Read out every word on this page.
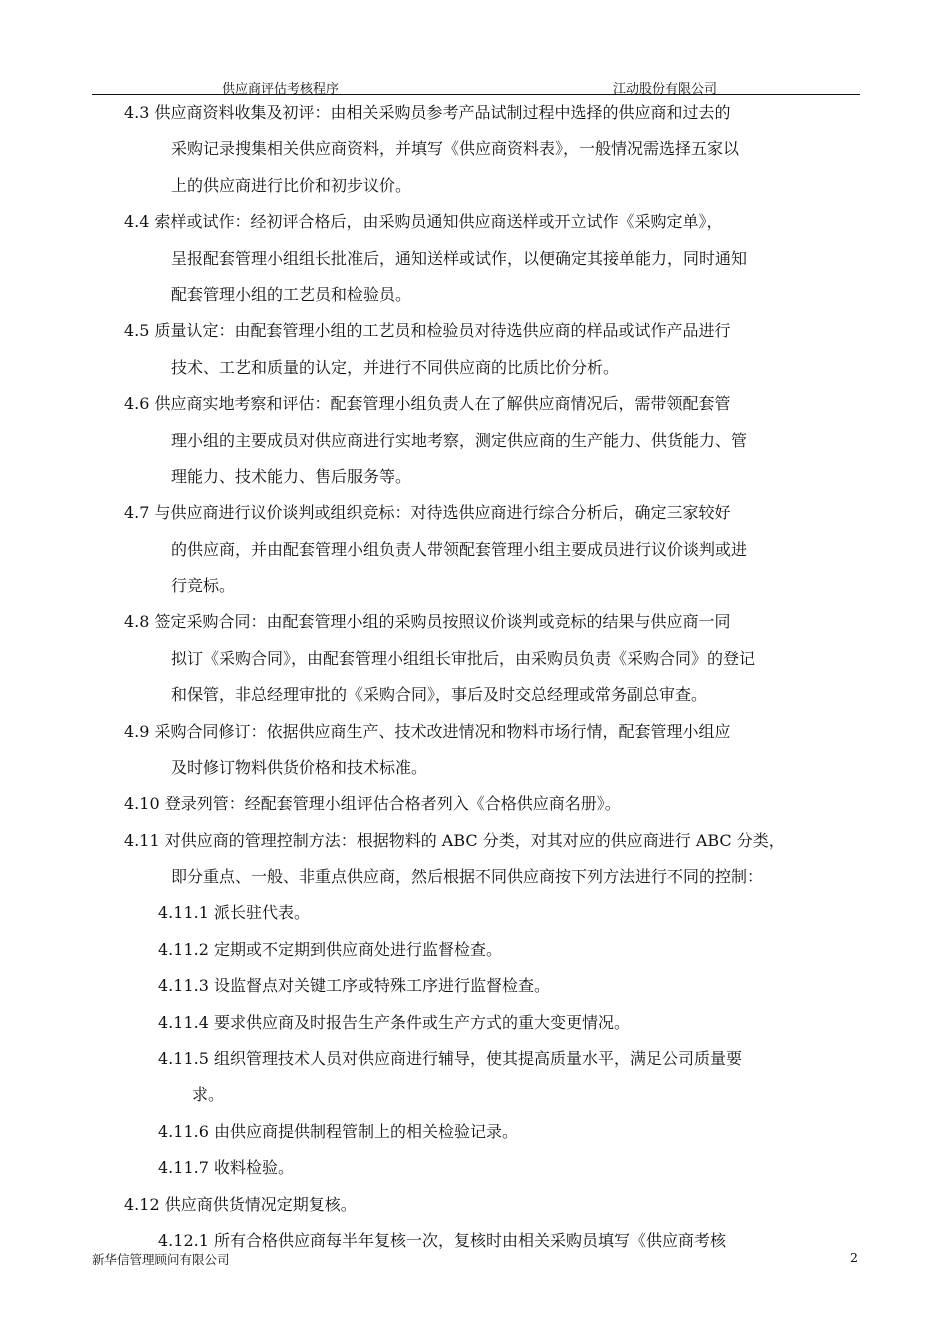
供应商评估考核程序	江动股份有限公司
4.3 供应商资料收集及初评：由相关采购员参考产品试制过程中选择的供应商和过去的
采购记录搜集相关供应商资料，并填写《供应商资料表》，一般情况需选择五家以
上的供应商进行比价和初步议价。
4.4 索样或试作：经初评合格后，由采购员通知供应商送样或开立试作《采购定单》，
呈报配套管理小组组长批准后，通知送样或试作，以便确定其接单能力，同时通知
配套管理小组的工艺员和检验员。
4.5 质量认定：由配套管理小组的工艺员和检验员对待选供应商的样品或试作产品进行
技术、工艺和质量的认定，并进行不同供应商的比质比价分析。
4.6 供应商实地考察和评估：配套管理小组负责人在了解供应商情况后，需带领配套管
理小组的主要成员对供应商进行实地考察，测定供应商的生产能力、供货能力、管
理能力、技术能力、售后服务等。
4.7 与供应商进行议价谈判或组织竞标：对待选供应商进行综合分析后，确定三家较好
的供应商，并由配套管理小组负责人带领配套管理小组主要成员进行议价谈判或进
行竞标。
4.8 签定采购合同：由配套管理小组的采购员按照议价谈判或竞标的结果与供应商一同
拟订《采购合同》，由配套管理小组组长审批后，由采购员负责《采购合同》的登记
和保管，非总经理审批的《采购合同》，事后及时交总经理或常务副总审查。
4.9 采购合同修订：依据供应商生产、技术改进情况和物料市场行情，配套管理小组应
及时修订物料供货价格和技术标准。
4.10 登录列管：经配套管理小组评估合格者列入《合格供应商名册》。
4.11 对供应商的管理控制方法：根据物料的 ABC 分类，对其对应的供应商进行 ABC 分类，
即分重点、一般、非重点供应商，然后根据不同供应商按下列方法进行不同的控制：
4.11.1 派长驻代表。
4.11.2 定期或不定期到供应商处进行监督检查。
4.11.3 设监督点对关键工序或特殊工序进行监督检查。
4.11.4 要求供应商及时报告生产条件或生产方式的重大变更情况。
4.11.5 组织管理技术人员对供应商进行辅导，使其提高质量水平，满足公司质量要
求。
4.11.6 由供应商提供制程管制上的相关检验记录。
4.11.7 收料检验。
4.12 供应商供货情况定期复核。
4.12.1 所有合格供应商每半年复核一次，复核时由相关采购员填写《供应商考核
新华信管理顾问有限公司	2
